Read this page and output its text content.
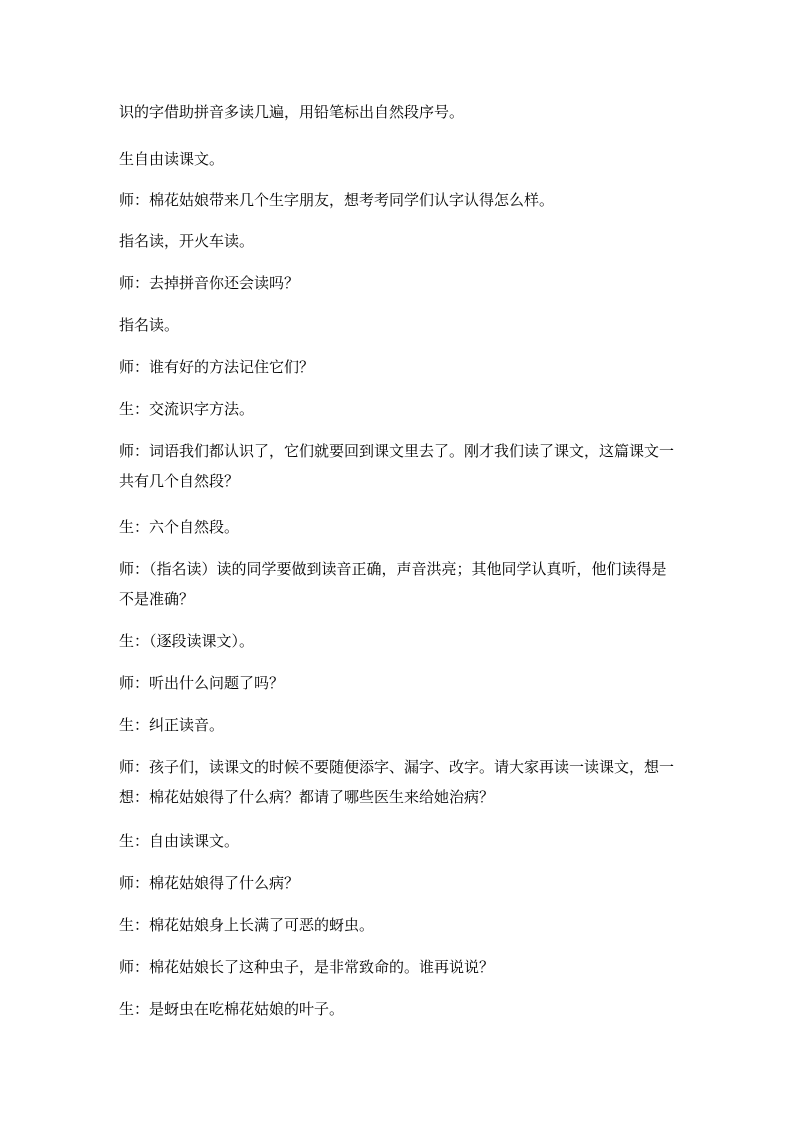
识的字借助拼音多读几遍，用铅笔标出自然段序号。

生自由读课文。

师：棉花姑娘带来几个生字朋友，想考考同学们认字认得怎么样。

指名读，开火车读。

师：去掉拼音你还会读吗？

指名读。

师：谁有好的方法记住它们？

生：交流识字方法。

师：词语我们都认识了，它们就要回到课文里去了。刚才我们读了课文，这篇课文一共有几个自然段？

生：六个自然段。

师：（指名读）读的同学要做到读音正确，声音洪亮；其他同学认真听，他们读得是不是准确？

生：（逐段读课文）。

师：听出什么问题了吗？

生：纠正读音。

师：孩子们，读课文的时候不要随便添字、漏字、改字。请大家再读一读课文，想一想：棉花姑娘得了什么病？都请了哪些医生来给她治病？

生：自由读课文。

师：棉花姑娘得了什么病？

生：棉花姑娘身上长满了可恶的蚜虫。

师：棉花姑娘长了这种虫子，是非常致命的。谁再说说？

生：是蚜虫在吃棉花姑娘的叶子。
